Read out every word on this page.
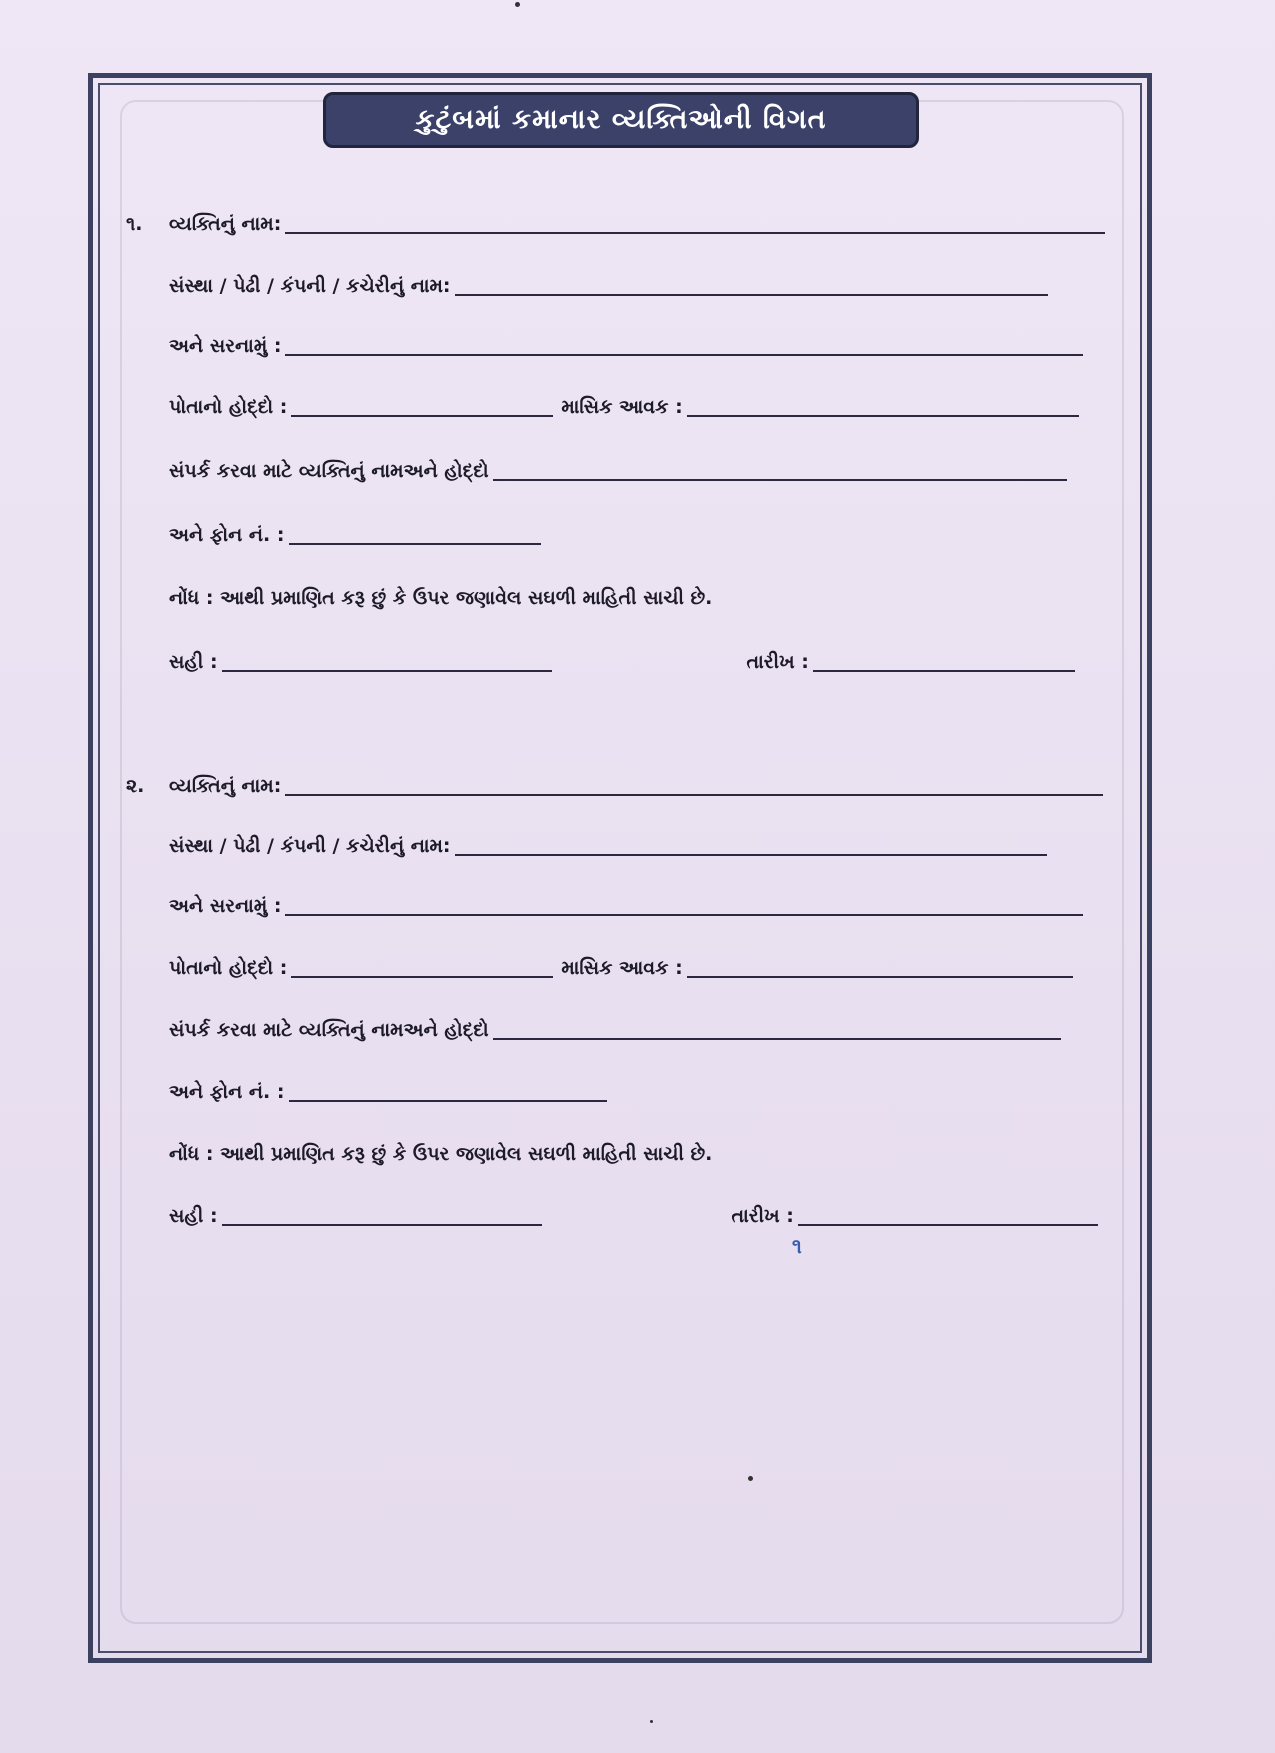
કુટુંબમાં કમાનાર વ્યક્તિઓની વિગત
૧. વ્યક્તિનું નામ:
સંસ્થા / પેઢી / કંપની / કચેરીનું નામ:
અને સરનામું :
પોતાનો હોદ્દો :	માસિક આવક :
સંપર્ક કરવા માટે વ્યક્તિનું નામઅને હોદ્દો
અને ફોન નં. :
નોંધ : આથી પ્રમાણિત કરૂ છું કે ઉપર જણાવેલ સઘળી માહિતી સાચી છે.
સહી :	તારીખ :
૨. વ્યક્તિનું નામ:
સંસ્થા / પેઢી / કંપની / કચેરીનું નામ:
અને સરનામું :
પોતાનો હોદ્દો :	માસિક આવક :
સંપર્ક કરવા માટે વ્યક્તિનું નામઅને હોદ્દો
અને ફોન નં. :
નોંધ : આથી પ્રમાણિત કરૂ છું કે ઉપર જણાવેલ સઘળી માહિતી સાચી છે.
સહી :	તારીખ :
૧
